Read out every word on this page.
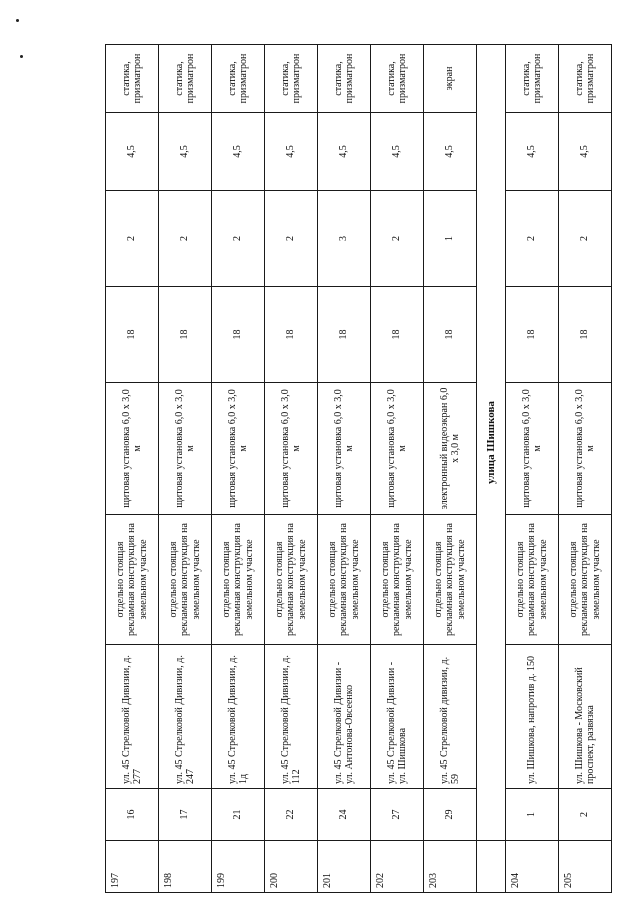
197	16	ул. 45 Стрелковой Дивизии, д. 277	отдельно стоящая рекламная конструкция на земельном участке	щитовая установка 6,0 х 3,0 м	18	2	4,5	статика, призматрон
198	17	ул. 45 Стрелковой Дивизии, д. 247	отдельно стоящая рекламная конструкция на земельном участке	щитовая установка 6,0 х 3,0 м	18	2	4,5	статика, призматрон
199	21	ул. 45 Стрелковой Дивизии, д. 1д	отдельно стоящая рекламная конструкция на земельном участке	щитовая установка 6,0 х 3,0 м	18	2	4,5	статика, призматрон
200	22	ул. 45 Стрелковой Дивизии, д. 112	отдельно стоящая рекламная конструкция на земельном участке	щитовая установка 6,0 х 3,0 м	18	2	4,5	статика, призматрон
201	24	ул. 45 Стрелковой Дивизии - ул. Антонова-Овсеенко	отдельно стоящая рекламная конструкция на земельном участке	щитовая установка 6,0 х 3,0 м	18	3	4,5	статика, призматрон
202	27	ул. 45 Стрелковой Дивизии - ул. Шишкова	отдельно стоящая рекламная конструкция на земельном участке	щитовая установка 6,0 х 3,0 м	18	2	4,5	статика, призматрон
203	29	ул. 45 Стрелковой дивизии, д. 59	отдельно стоящая рекламная конструкция на земельном участке	электронный видеоэкран 6,0 х 3,0 м	18	1	4,5	экран
	улица Шишкова							
204	1	ул. Шишкова, напротив д. 150	отдельно стоящая рекламная конструкция на земельном участке	щитовая установка 6,0 х 3,0 м	18	2	4,5	статика, призматрон
205	2	ул. Шишкова - Московский проспект, развязка	отдельно стоящая рекламная конструкция на земельном участке	щитовая установка 6,0 х 3,0 м	18	2	4,5	статика, призматрон
